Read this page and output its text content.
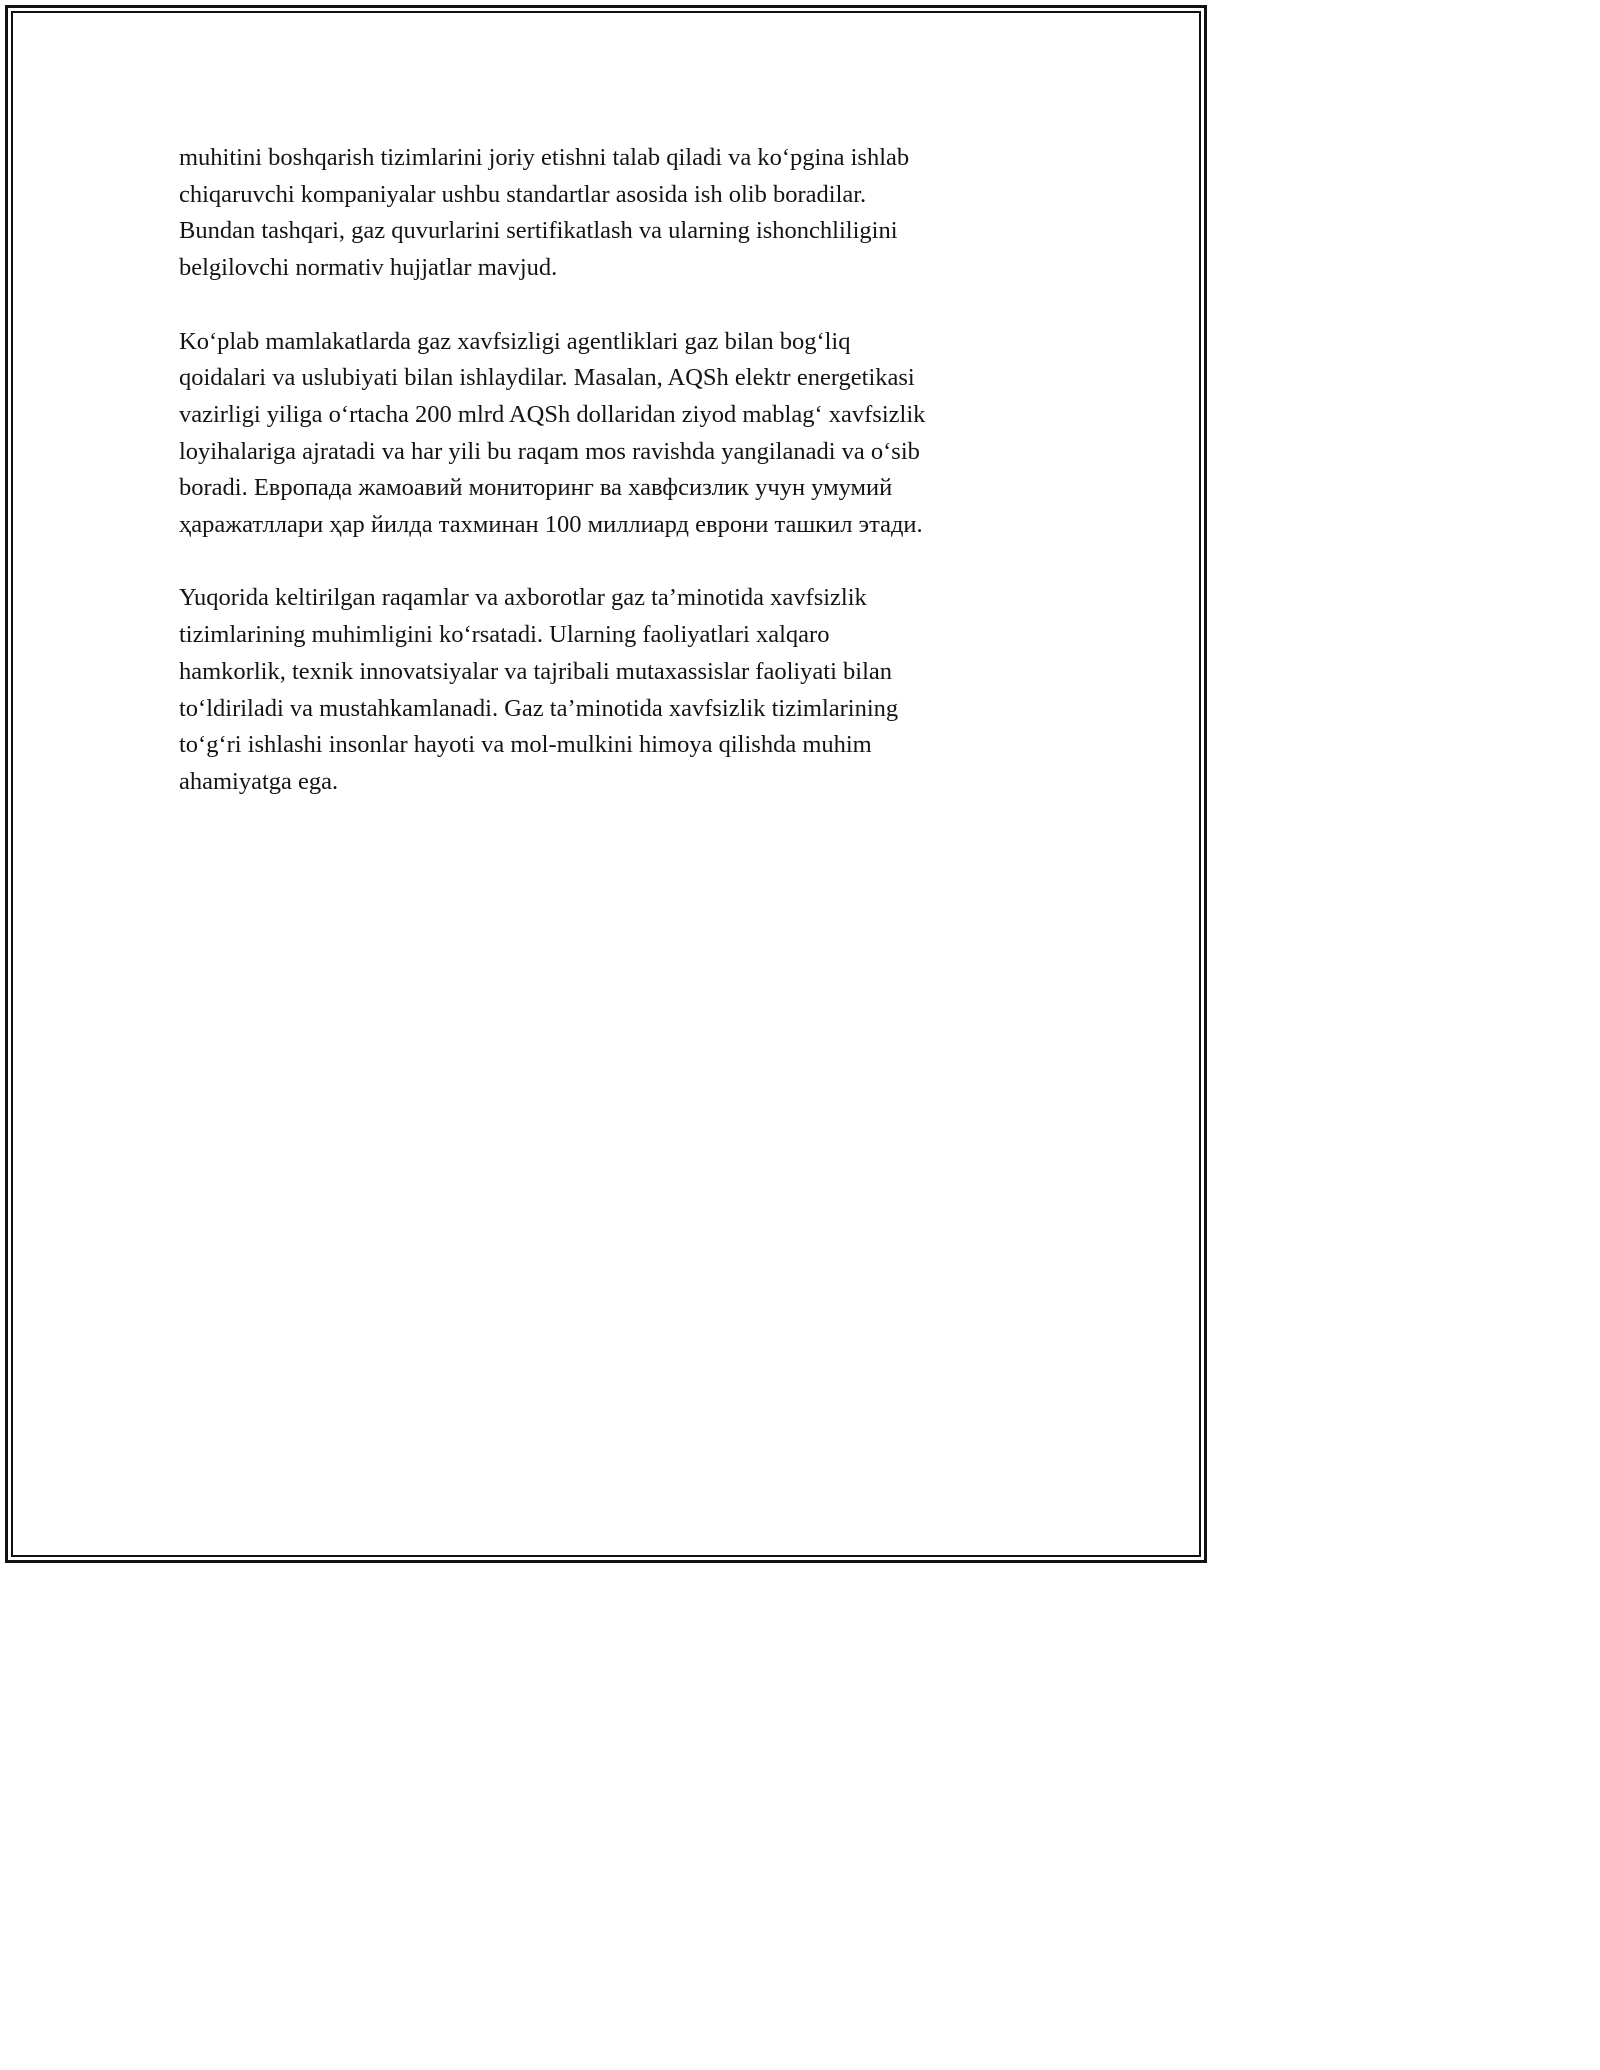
muhitini boshqarish tizimlarini joriy etishni talab qiladi va ko‘pgina ishlab
chiqaruvchi kompaniyalar ushbu standartlar asosida ish olib boradilar.
Bundan tashqari, gaz quvurlarini sertifikatlash va ularning ishonchliligini
belgilovchi normativ hujjatlar mavjud.

Ko‘plab mamlakatlarda gaz xavfsizligi agentliklari gaz bilan bog‘liq
qoidalari va uslubiyati bilan ishlaydilar. Masalan, AQSh elektr energetikasi
vazirligi yiliga o‘rtacha 200 mlrd AQSh dollaridan ziyod mablag‘ xavfsizlik
loyihalariga ajratadi va har yili bu raqam mos ravishda yangilanadi va o‘sib
boradi. Европада жамоавий мониторинг ва хавфсизлик учун умумий
ҳаражатллари ҳар йилда тахминан 100 миллиард еврони ташкил этади.

Yuqorida keltirilgan raqamlar va axborotlar gaz ta’minotida xavfsizlik
tizimlarining muhimligini ko‘rsatadi. Ularning faoliyatlari xalqaro
hamkorlik, texnik innovatsiyalar va tajribali mutaxassislar faoliyati bilan
to‘ldiriladi va mustahkamlanadi. Gaz ta’minotida xavfsizlik tizimlarining
to‘g‘ri ishlashi insonlar hayoti va mol-mulkini himoya qilishda muhim
ahamiyatga ega.
